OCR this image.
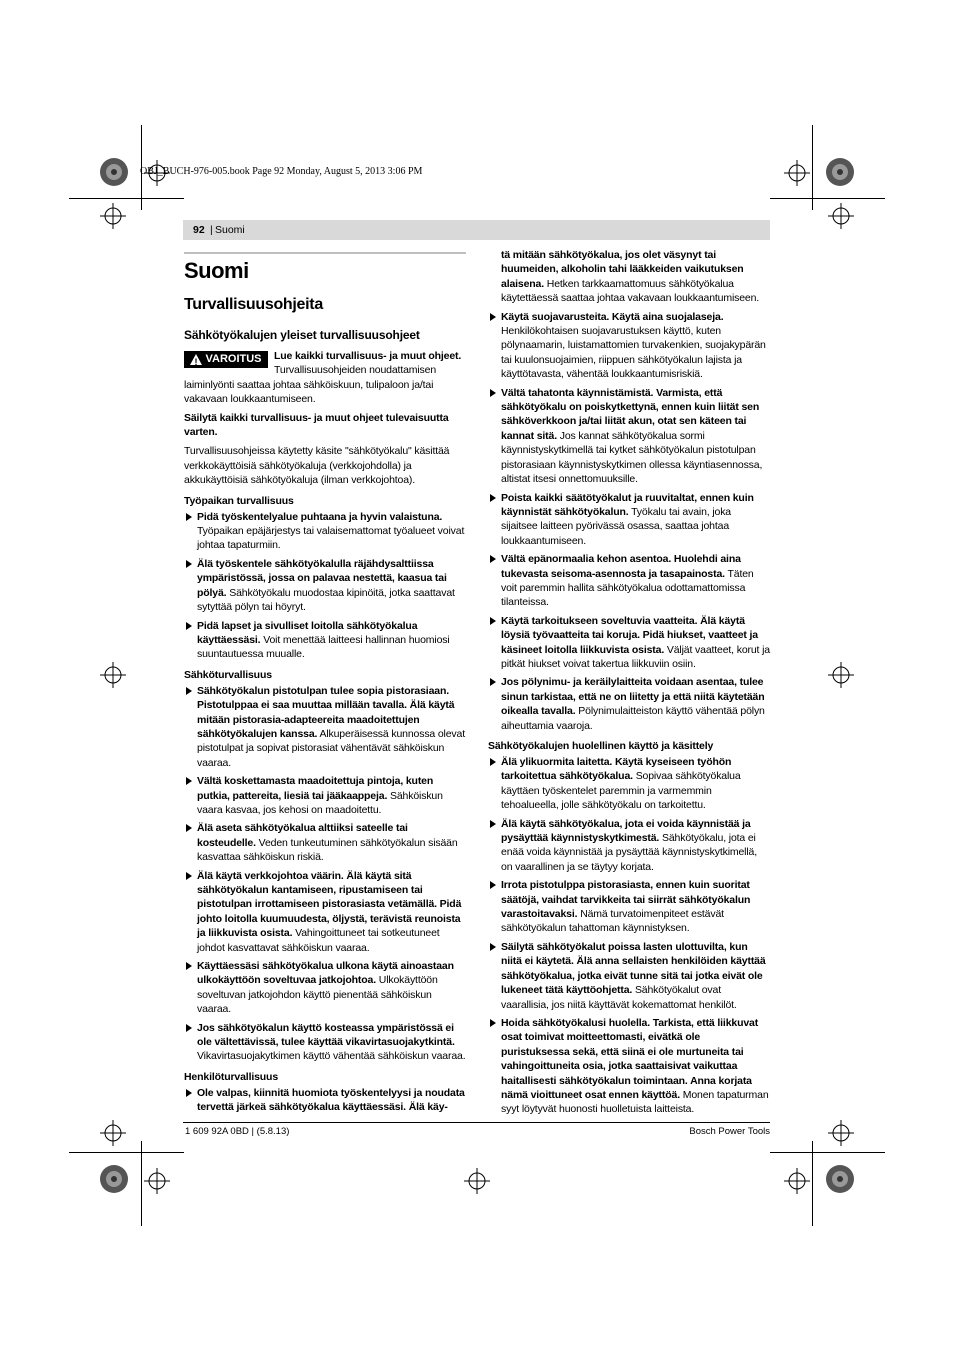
OBJ_BUCH-976-005.book Page 92 Monday, August 5, 2013 3:06 PM
92 | Suomi
Suomi
Turvallisuusohjeita
Sähkötyökalujen yleiset turvallisuusohjeet
! VAROITUS Lue kaikki turvallisuus- ja muut ohjeet. Turvallisuusohjeiden noudattamisen laiminlyönti saattaa johtaa sähköiskuun, tulipaloon ja/tai vakavaan loukkaantumiseen.

Säilytä kaikki turvallisuus- ja muut ohjeet tulevaisuutta varten.

Turvallisuusohjeissa käytetty käsite "sähkötyökalu" käsittää verkkokäyttöisiä sähkötyökaluja (verkkojohdolla) ja akkukäyttöisiä sähkötyökaluja (ilman verkkojohtoa).

Työpaikan turvallisuus
Pidä työskentelyalue puhtaana ja hyvin valaistuna. Työpaikan epäjärjestys tai valaisemattomat työalueet voivat johtaa tapaturmiin.
Älä työskentele sähkötyökalulla räjähdysalttiissa ympäristössä, jossa on palavaa nestettä, kaasua tai pölyä. Sähkötyökalu muodostaa kipinöitä, jotka saattavat sytyttää pölyn tai höyryt.
Pidä lapset ja sivulliset loitolla sähkötyökalua käyttäessäsi. Voit menettää laitteesi hallinnan huomiosi suuntautuessa muualle.
Sähköturvallisuus
Sähkötyökalun pistotulpan tulee sopia pistorasiaan. Pistotulppaa ei saa muuttaa millään tavalla. Älä käytä mitään pistorasia-adapteereita maadoitettujen sähkötyökalujen kanssa. Alkuperäisessä kunnossa olevat pistotulpat ja sopivat pistorasiat vähentävät sähköiskun vaaraa.
Vältä koskettamasta maadoitettuja pintoja, kuten putkia, pattereita, liesiä tai jääkaappeja. Sähköiskun vaara kasvaa, jos kehosi on maadoitettu.
Älä aseta sähkötyökalua alttiiksi sateelle tai kosteudelle. Veden tunkeutuminen sähkötyökalun sisään kasvattaa sähköiskun riskiä.
Älä käytä verkkojohtoa väärin. Älä käytä sitä sähkötyökalun kantamiseen, ripustamiseen tai pistotulpan irrottamiseen pistorasiasta vetämällä. Pidä johto loitolla kuumuudesta, öljystä, terävistä reunoista ja liikkuvista osista. Vahingoittuneet tai sotkeutuneet johdot kasvattavat sähköiskun vaaraa.
Käyttäessäsi sähkötyökalua ulkona käytä ainoastaan ulkokäyttöön soveltuvaa jatkojohtoa. Ulkokäyttöön soveltuvan jatkojohdon käyttö pienentää sähköiskun vaaraa.
Jos sähkötyökalun käyttö kosteassa ympäristössä ei ole vältettävissä, tulee käyttää vikavirtasuojakytkintä. Vikavirtasuojakytkimen käyttö vähentää sähköiskun vaaraa.
Henkilöturvallisuus
Ole valpas, kiinnitä huomiota työskentelyysi ja noudata tervettä järkeä sähkötyökalua käyttäessäsi. Älä käy-

tä mitään sähkötyökalua, jos olet väsynyt tai huumeiden, alkoholin tahi lääkkeiden vaikutuksen alaisena. Hetken tarkkaamattomuus sähkötyökalua käytettäessä saattaa johtaa vakavaan loukkaantumiseen.

Käytä suojavarusteita. Käytä aina suojalaseja. Henkilökohtaisen suojavarustuksen käyttö, kuten pölynaamarin, luistamattomien turvakenkien, suojakypärän tai kuulonsuojaimien, riippuen sähkötyökalun lajista ja käyttötavasta, vähentää loukkaantumisriskiä.
Vältä tahatonta käynnistämistä. Varmista, että sähkötyökalu on poiskytkettynä, ennen kuin liität sen sähköverkkoon ja/tai liität akun, otat sen käteen tai kannat sitä. Jos kannat sähkötyökalua sormi käynnistyskytkimellä tai kytket sähkötyökalun pistotulpan pistorasiaan käynnistyskytkimen ollessa käyntiasennossa, altistat itsesi onnettomuuksille.
Poista kaikki säätötyökalut ja ruuvitaltat, ennen kuin käynnistät sähkötyökalun. Työkalu tai avain, joka sijaitsee laitteen pyörivässä osassa, saattaa johtaa loukkaantumiseen.
Vältä epänormaalia kehon asentoa. Huolehdi aina tukevasta seisoma-asennosta ja tasapainosta. Täten voit paremmin hallita sähkötyökalua odottamattomissa tilanteissa.
Käytä tarkoitukseen soveltuvia vaatteita. Älä käytä löysiä työvaatteita tai koruja. Pidä hiukset, vaatteet ja käsineet loitolla liikkuvista osista. Väljät vaatteet, korut ja pitkät hiukset voivat takertua liikkuviin osiin.
Jos pölynimu- ja keräilylaitteita voidaan asentaa, tulee sinun tarkistaa, että ne on liitetty ja että niitä käytetään oikealla tavalla. Pölynimulaitteiston käyttö vähentää pölyn aiheuttamia vaaroja.
Sähkötyökalujen huolellinen käyttö ja käsittely
Älä ylikuormita laitetta. Käytä kyseiseen työhön tarkoitettua sähkötyökalua. Sopivaa sähkötyökalua käyttäen työskentelet paremmin ja varmemmin tehoalueella, jolle sähkötyökalu on tarkoitettu.
Älä käytä sähkötyökalua, jota ei voida käynnistää ja pysäyttää käynnistyskytkimestä. Sähkötyökalu, jota ei enää voida käynnistää ja pysäyttää käynnistyskytkimellä, on vaarallinen ja se täytyy korjata.
Irrota pistotulppa pistorasiasta, ennen kuin suoritat säätöjä, vaihdat tarvikkeita tai siirrät sähkötyökalun varastoitavaksi. Nämä turvatoimenpiteet estävät sähkötyökalun tahattoman käynnistyksen.
Säilytä sähkötyökalut poissa lasten ulottuvilta, kun niitä ei käytetä. Älä anna sellaisten henkilöiden käyttää sähkötyökalua, jotka eivät tunne sitä tai jotka eivät ole lukeneet tätä käyttöohjetta. Sähkötyökalut ovat vaarallisia, jos niitä käyttävät kokemattomat henkilöt.
Hoida sähkötyökalusi huolella. Tarkista, että liikkuvat osat toimivat moitteettomasti, eivätkä ole puristuksessa sekä, että siinä ei ole murtuneita tai vahingoittuneita osia, jotka saattaisivat vaikuttaa haitallisesti sähkötyökalun toimintaan. Anna korjata nämä vioittuneet osat ennen käyttöä. Monen tapaturman syyt löytyvät huonosti huolletuista laitteista.
1 609 92A 0BD | (5.8.13)	Bosch Power Tools
